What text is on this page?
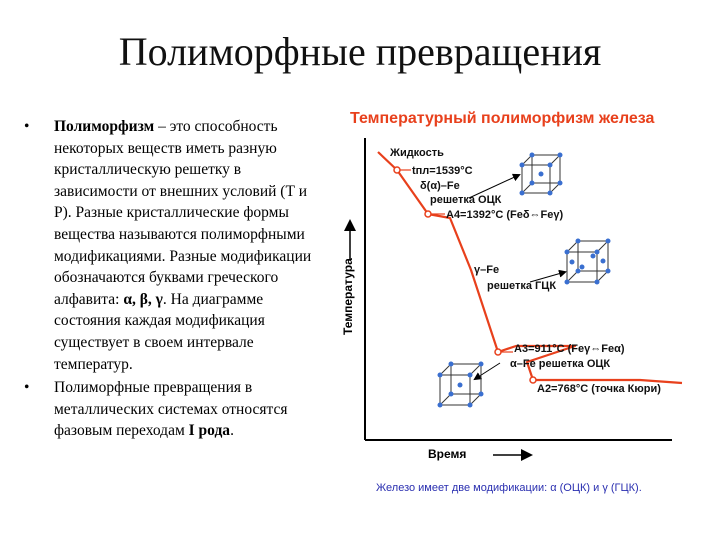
Полиморфные превращения
• Полиморфизм – это способность некоторых веществ иметь разную кристаллическую решетку в зависимости от внешних условий (Т и Р). Разные кристаллические формы вещества называются полиморфными модификациями. Разные модификации обозначаются буквами греческого алфавита: α, β, γ. На диаграмме состояния каждая модификация существует в своем интервале температур.
• Полиморфные превращения в металлических системах относятся фазовым переходам I рода.
Температурный полиморфизм железа
Температура
Время
Жидкость
tпл=1539°C
δ(α)–Fe
решетка ОЦК
A4=1392°C (Feδ⇔Feγ)
γ–Fe
решетка ГЦК
A3=911°C (Feγ⇔Feα)
α–Fe решетка ОЦК
A2=768°C (точка Кюри)
Железо имеет две модификации: α (ОЦК) и γ (ГЦК).
